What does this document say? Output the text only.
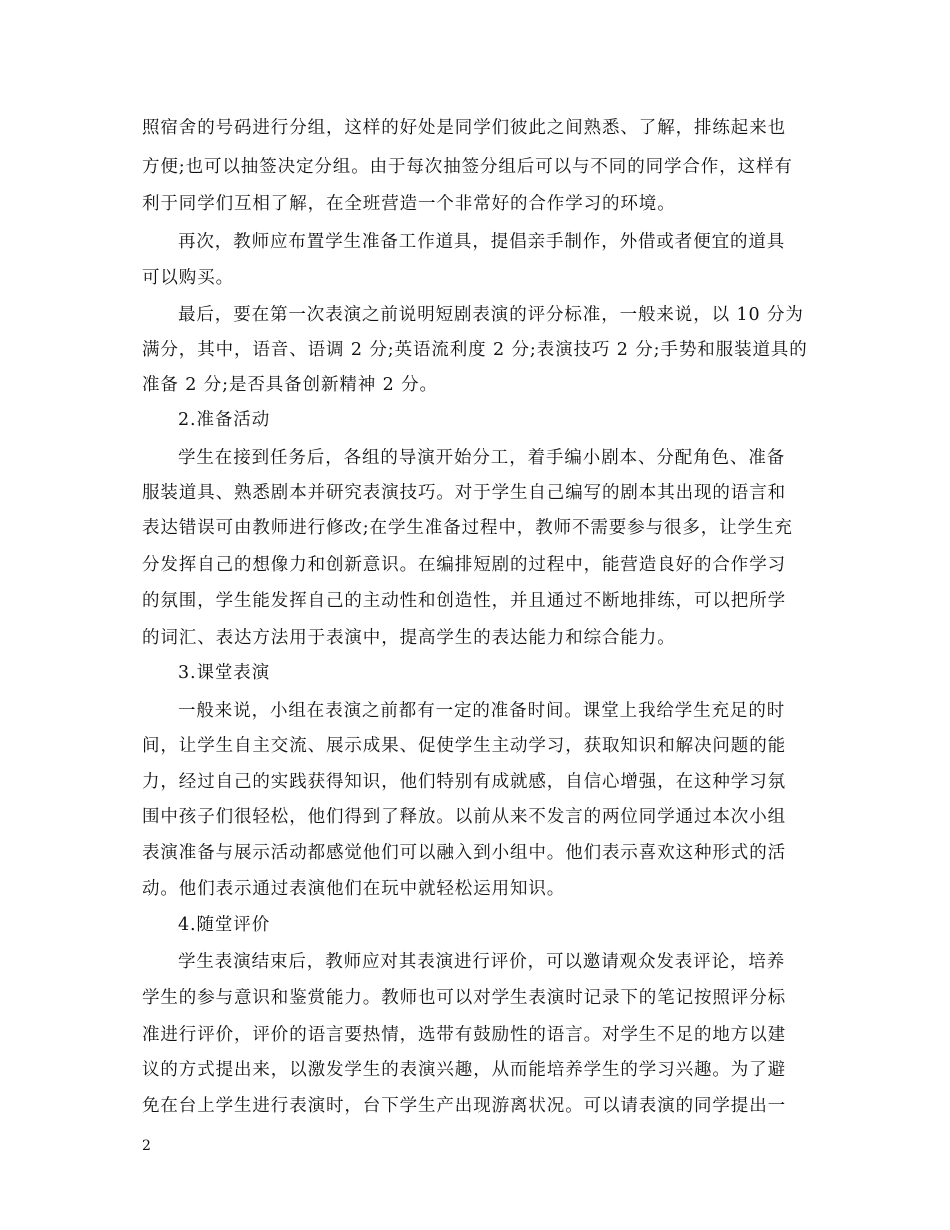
照宿舍的号码进行分组，这样的好处是同学们彼此之间熟悉、了解，排练起来也
方便;也可以抽签决定分组。由于每次抽签分组后可以与不同的同学合作，这样有
利于同学们互相了解，在全班营造一个非常好的合作学习的环境。
再次，教师应布置学生准备工作道具，提倡亲手制作，外借或者便宜的道具
可以购买。
最后，要在第一次表演之前说明短剧表演的评分标准，一般来说，以 10 分为
满分，其中，语音、语调 2 分;英语流利度 2 分;表演技巧 2 分;手势和服装道具的
准备 2 分;是否具备创新精神 2 分。
2.准备活动
学生在接到任务后，各组的导演开始分工，着手编小剧本、分配角色、准备
服装道具、熟悉剧本并研究表演技巧。对于学生自己编写的剧本其出现的语言和
表达错误可由教师进行修改;在学生准备过程中，教师不需要参与很多，让学生充
分发挥自己的想像力和创新意识。在编排短剧的过程中，能营造良好的合作学习
的氛围，学生能发挥自己的主动性和创造性，并且通过不断地排练，可以把所学
的词汇、表达方法用于表演中，提高学生的表达能力和综合能力。
3.课堂表演
一般来说，小组在表演之前都有一定的准备时间。课堂上我给学生充足的时
间，让学生自主交流、展示成果、促使学生主动学习，获取知识和解决问题的能
力，经过自己的实践获得知识，他们特别有成就感，自信心增强，在这种学习氛
围中孩子们很轻松，他们得到了释放。以前从来不发言的两位同学通过本次小组
表演准备与展示活动都感觉他们可以融入到小组中。他们表示喜欢这种形式的活
动。他们表示通过表演他们在玩中就轻松运用知识。
4.随堂评价
学生表演结束后，教师应对其表演进行评价，可以邀请观众发表评论，培养
学生的参与意识和鉴赏能力。教师也可以对学生表演时记录下的笔记按照评分标
准进行评价，评价的语言要热情，选带有鼓励性的语言。对学生不足的地方以建
议的方式提出来，以激发学生的表演兴趣，从而能培养学生的学习兴趣。为了避
免在台上学生进行表演时，台下学生产出现游离状况。可以请表演的同学提出一
2
